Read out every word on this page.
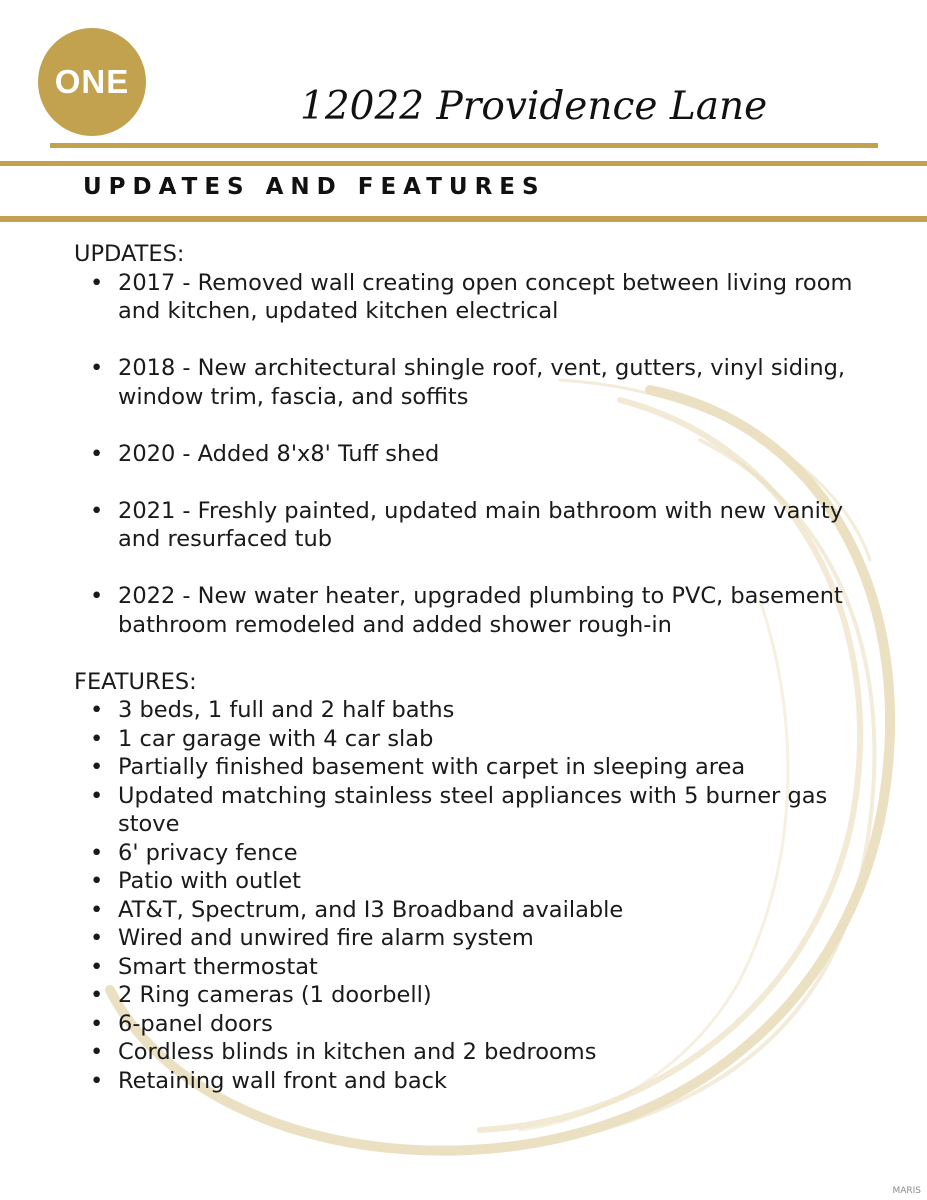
ONE
12022 Providence Lane
UPDATES AND FEATURES

UPDATES:

• 2017 - Removed wall creating open concept between living room and kitchen, updated kitchen electrical
• 2018 - New architectural shingle roof, vent, gutters, vinyl siding, window trim, fascia, and soffits
• 2020 - Added 8'x8' Tuff shed
• 2021 - Freshly painted, updated main bathroom with new vanity and resurfaced tub
• 2022 - New water heater, upgraded plumbing to PVC, basement bathroom remodeled and added shower rough-in

FEATURES:

• 3 beds, 1 full and 2 half baths
• 1 car garage with 4 car slab
• Partially finished basement with carpet in sleeping area
• Updated matching stainless steel appliances with 5 burner gas stove
• 6' privacy fence
• Patio with outlet
• AT&T, Spectrum, and I3 Broadband available
• Wired and unwired fire alarm system
• Smart thermostat
• 2 Ring cameras (1 doorbell)
• 6-panel doors
• Cordless blinds in kitchen and 2 bedrooms
• Retaining wall front and back
MARIS
